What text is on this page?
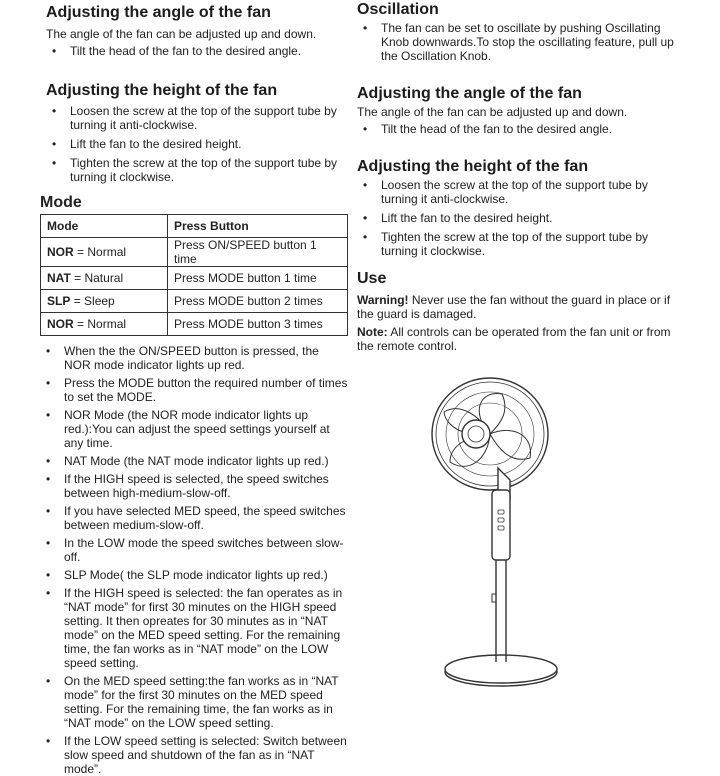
Adjusting the angle of the fan

The angle of the fan can be adjusted up and down.

• Tilt the head of the fan to the desired angle.
Adjusting the height of the fan
• Loosen the screw at the top of the support tube by turning it anti-clockwise.
• Lift the fan to the desired height.
• Tighten the screw at the top of the support tube by turning it clockwise.
Mode
Mode	Press Button
NOR = Normal	Press ON/SPEED button 1 time
NAT = Natural	Press MODE button 1 time
SLP = Sleep	Press MODE button 2 times
NOR = Normal	Press MODE button 3 times
• When the the ON/SPEED button is pressed, the NOR mode indicator lights up red.
• Press the MODE button the required number of times to set the MODE.
• NOR Mode (the NOR mode indicator lights up red.):You can adjust the speed settings yourself at any time.
• NAT Mode (the NAT mode indicator lights up red.)
• If the HIGH speed is selected, the speed switches between high-medium-slow-off.
• If you have selected MED speed, the speed switches between medium-slow-off.
• In the LOW mode the speed switches between slow-off.
• SLP Mode( the SLP mode indicator lights up red.)
• If the HIGH speed is selected: the fan operates as in “NAT mode” for first 30 minutes on the HIGH speed setting. It then opreates for 30 minutes as in “NAT mode” on the MED speed setting. For the remaining time, the fan works as in “NAT mode” on the LOW speed setting.
• On the MED speed setting:the fan works as in “NAT mode” for the first 30 minutes on the MED speed setting. For the remaining time, the fan works as in “NAT mode” on the LOW speed setting.
• If the LOW speed setting is selected: Switch between slow speed and shutdown of the fan as in “NAT mode”.
Oscillation
• The fan can be set to oscillate by pushing Oscillating Knob downwards.To stop the oscillating feature, pull up the Oscillation Knob.
Adjusting the angle of the fan

The angle of the fan can be adjusted up and down.

• Tilt the head of the fan to the desired angle.
Adjusting the height of the fan
• Loosen the screw at the top of the support tube by turning it anti-clockwise.
• Lift the fan to the desired height.
• Tighten the screw at the top of the support tube by turning it clockwise.
Use

Warning! Never use the fan without the guard in place or if the guard is damaged.

Note: All controls can be operated from the fan unit or from the remote control.
